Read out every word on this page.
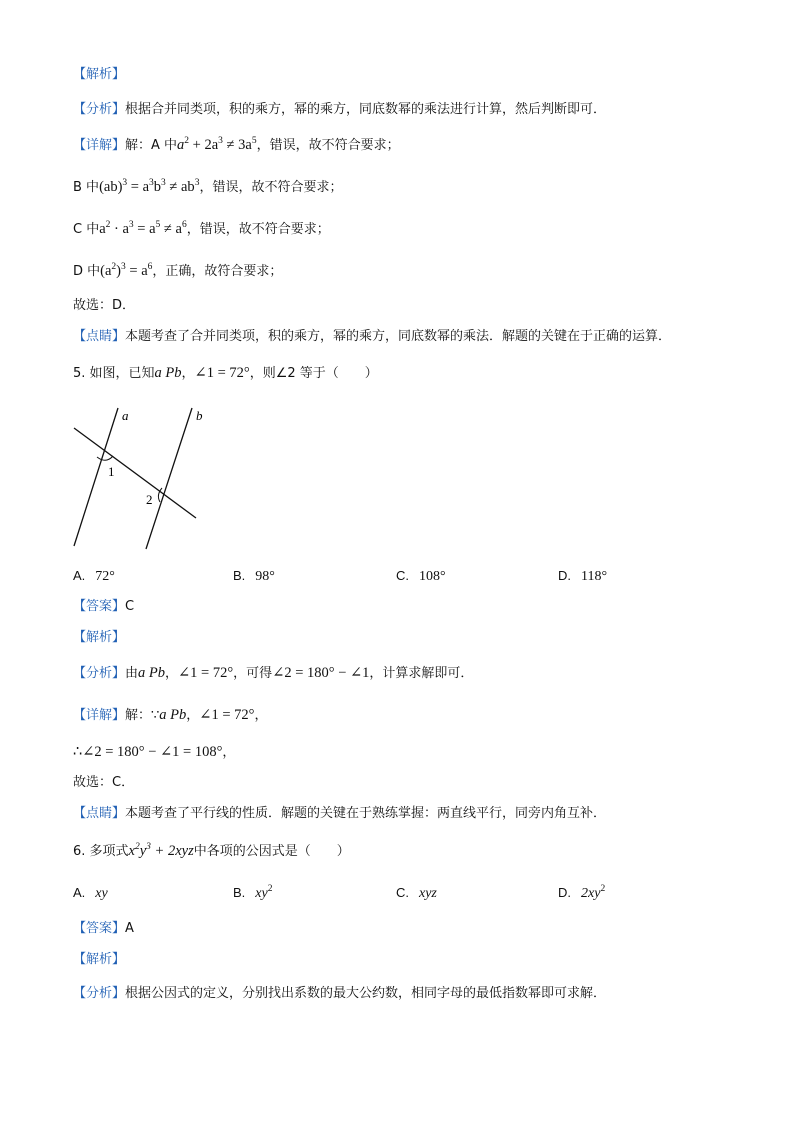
【解析】
【分析】根据合并同类项，积的乘方，幂的乘方，同底数幂的乘法进行计算，然后判断即可．
【详解】解：A 中$a^2 + 2a^3 \ne 3a^5$，错误，故不符合要求；
B 中$(ab)^3 = a^3b^3 \ne ab^3$，错误，故不符合要求；
C 中$a^2 \cdot a^3 = a^5 \ne a^6$，错误，故不符合要求；
D 中$(a^2)^3 = a^6$，正确，故符合要求；
故选：D．
【点睛】本题考查了合并同类项，积的乘方，幂的乘方，同底数幂的乘法．解题的关键在于正确的运算．
5. 如图，已知a Pb，∠1 = 72°，则∠2 等于（　　）
a	b
1
2
A. 72°	B. 98°	C. 108°	D. 118°
【答案】C
【解析】
【分析】由a Pb，∠1 = 72°，可得∠2 = 180° − ∠1，计算求解即可．
【详解】解：∵a Pb，∠1 = 72°，
∴∠2 = 180° − ∠1 = 108°，
故选：C．
【点睛】本题考查了平行线的性质．解题的关键在于熟练掌握：两直线平行，同旁内角互补．
6. 多项式$x^2y^3 + 2xyz$中各项的公因式是（　　）
A. xy	B. $xy^2$	C. xyz	D. $2xy^2$
【答案】A
【解析】
【分析】根据公因式的定义，分别找出系数的最大公约数，相同字母的最低指数幂即可求解．
